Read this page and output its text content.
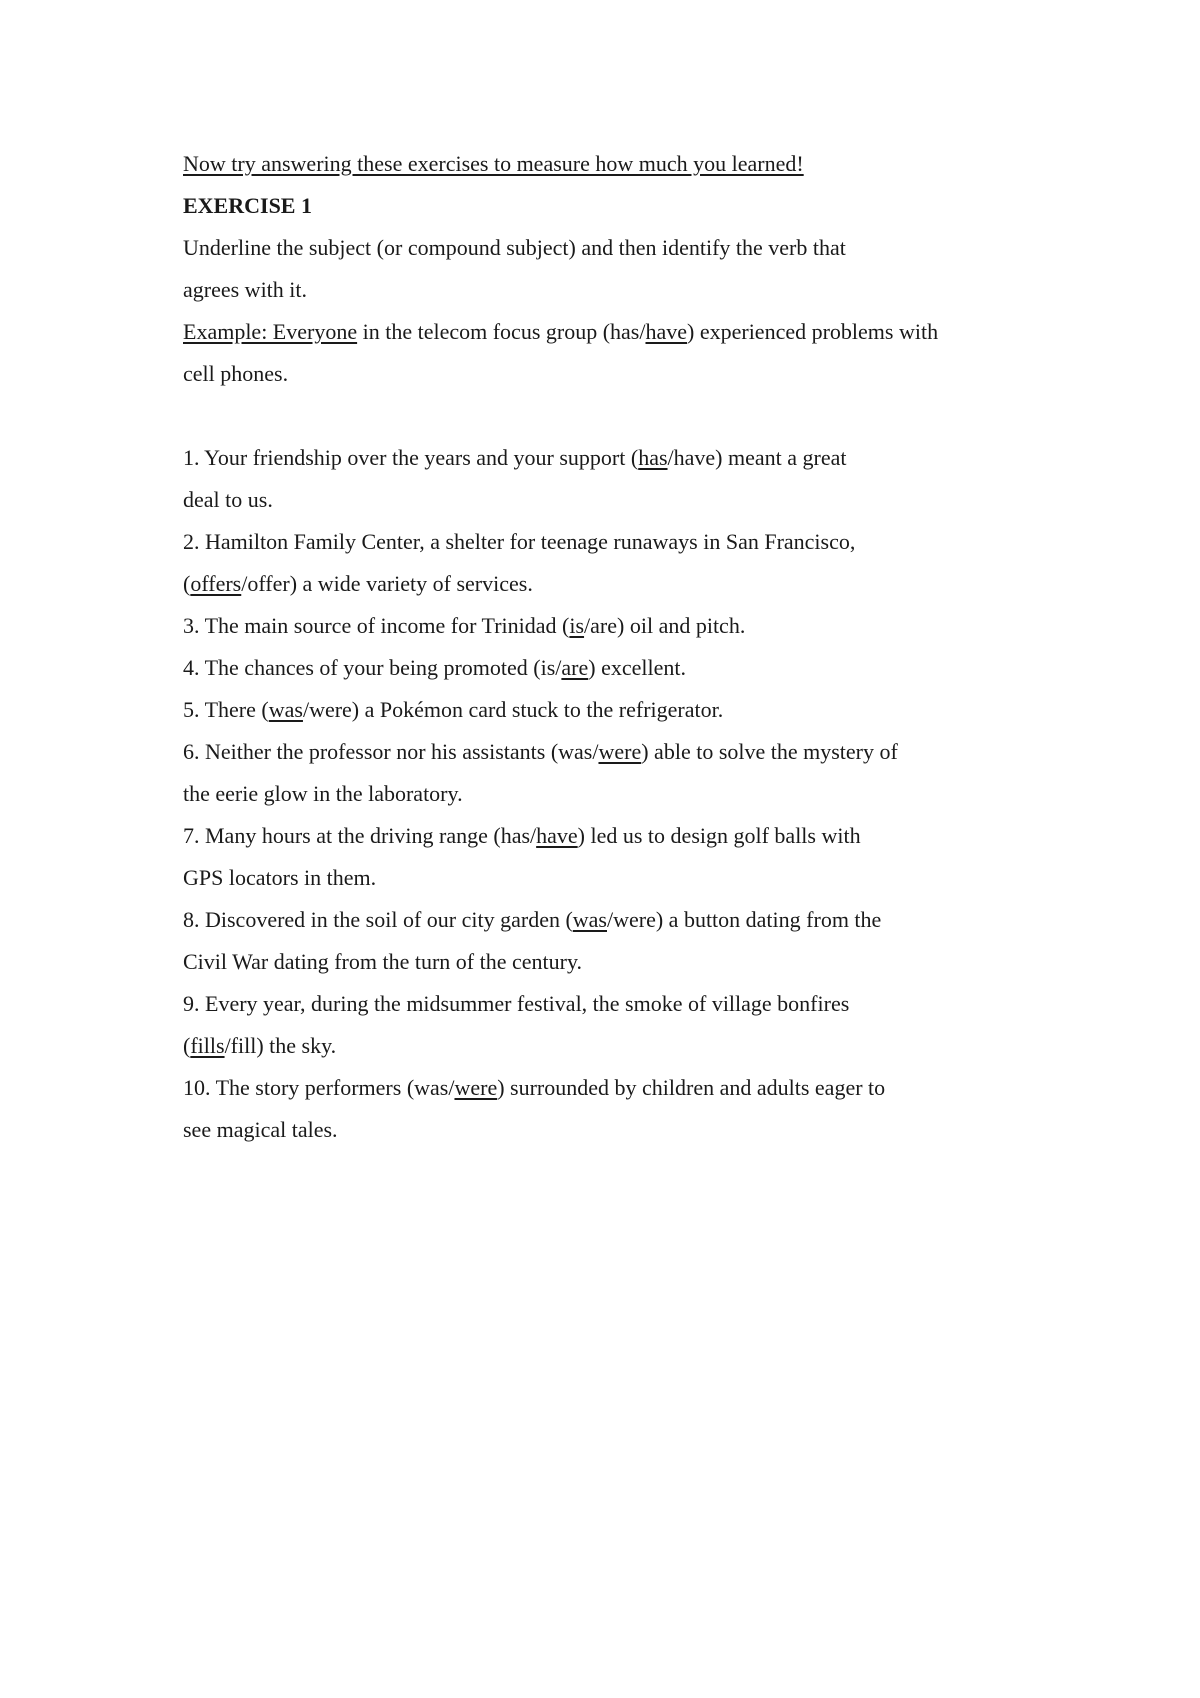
Now try answering these exercises to measure how much you learned!
EXERCISE 1
Underline the subject (or compound subject) and then identify the verb that
agrees with it.
Example: Everyone in the telecom focus group (has/have) experienced problems with
cell phones.
1. Your friendship over the years and your support (has/have) meant a great
deal to us.
2. Hamilton Family Center, a shelter for teenage runaways in San Francisco,
(offers/offer) a wide variety of services.
3. The main source of income for Trinidad (is/are) oil and pitch.
4. The chances of your being promoted (is/are) excellent.
5. There (was/were) a Pokémon card stuck to the refrigerator.
6. Neither the professor nor his assistants (was/were) able to solve the mystery of
the eerie glow in the laboratory.
7. Many hours at the driving range (has/have) led us to design golf balls with
GPS locators in them.
8. Discovered in the soil of our city garden (was/were) a button dating from the
Civil War dating from the turn of the century.
9. Every year, during the midsummer festival, the smoke of village bonfires
(fills/fill) the sky.
10. The story performers (was/were) surrounded by children and adults eager to
see magical tales.
